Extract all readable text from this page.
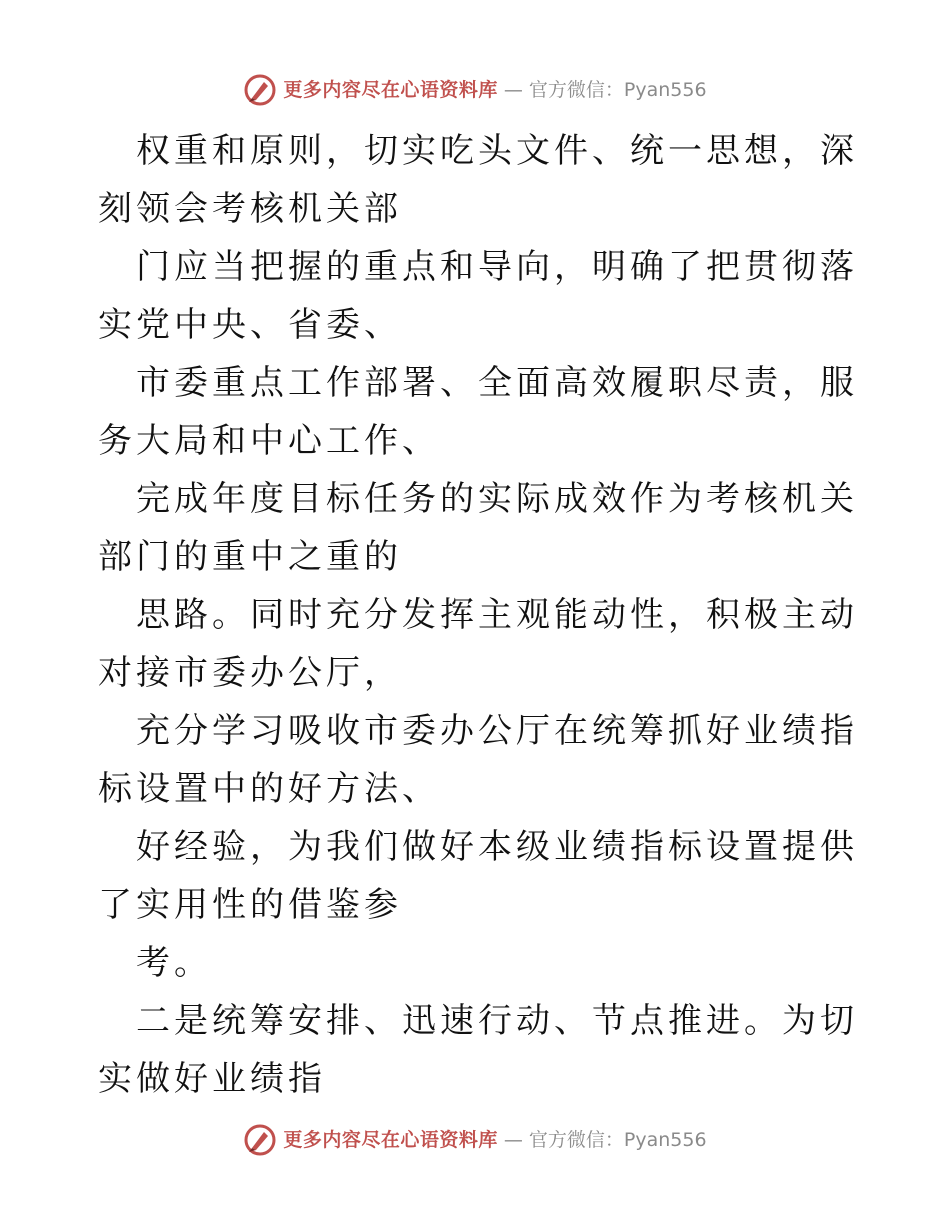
更多内容尽在心语资料库 — 官方微信：Pyan556

权重和原则，切实吃头文件、统一思想，深刻领会考核机关部

门应当把握的重点和导向，明确了把贯彻落实党中央、省委、

市委重点工作部署、全面高效履职尽责，服务大局和中心工作、

完成年度目标任务的实际成效作为考核机关部门的重中之重的

思路。同时充分发挥主观能动性，积极主动对接市委办公厅，

充分学习吸收市委办公厅在统筹抓好业绩指标设置中的好方法、

好经验，为我们做好本级业绩指标设置提供了实用性的借鉴参

考。

二是统筹安排、迅速行动、节点推进。为切实做好业绩指

更多内容尽在心语资料库 — 官方微信：Pyan556
